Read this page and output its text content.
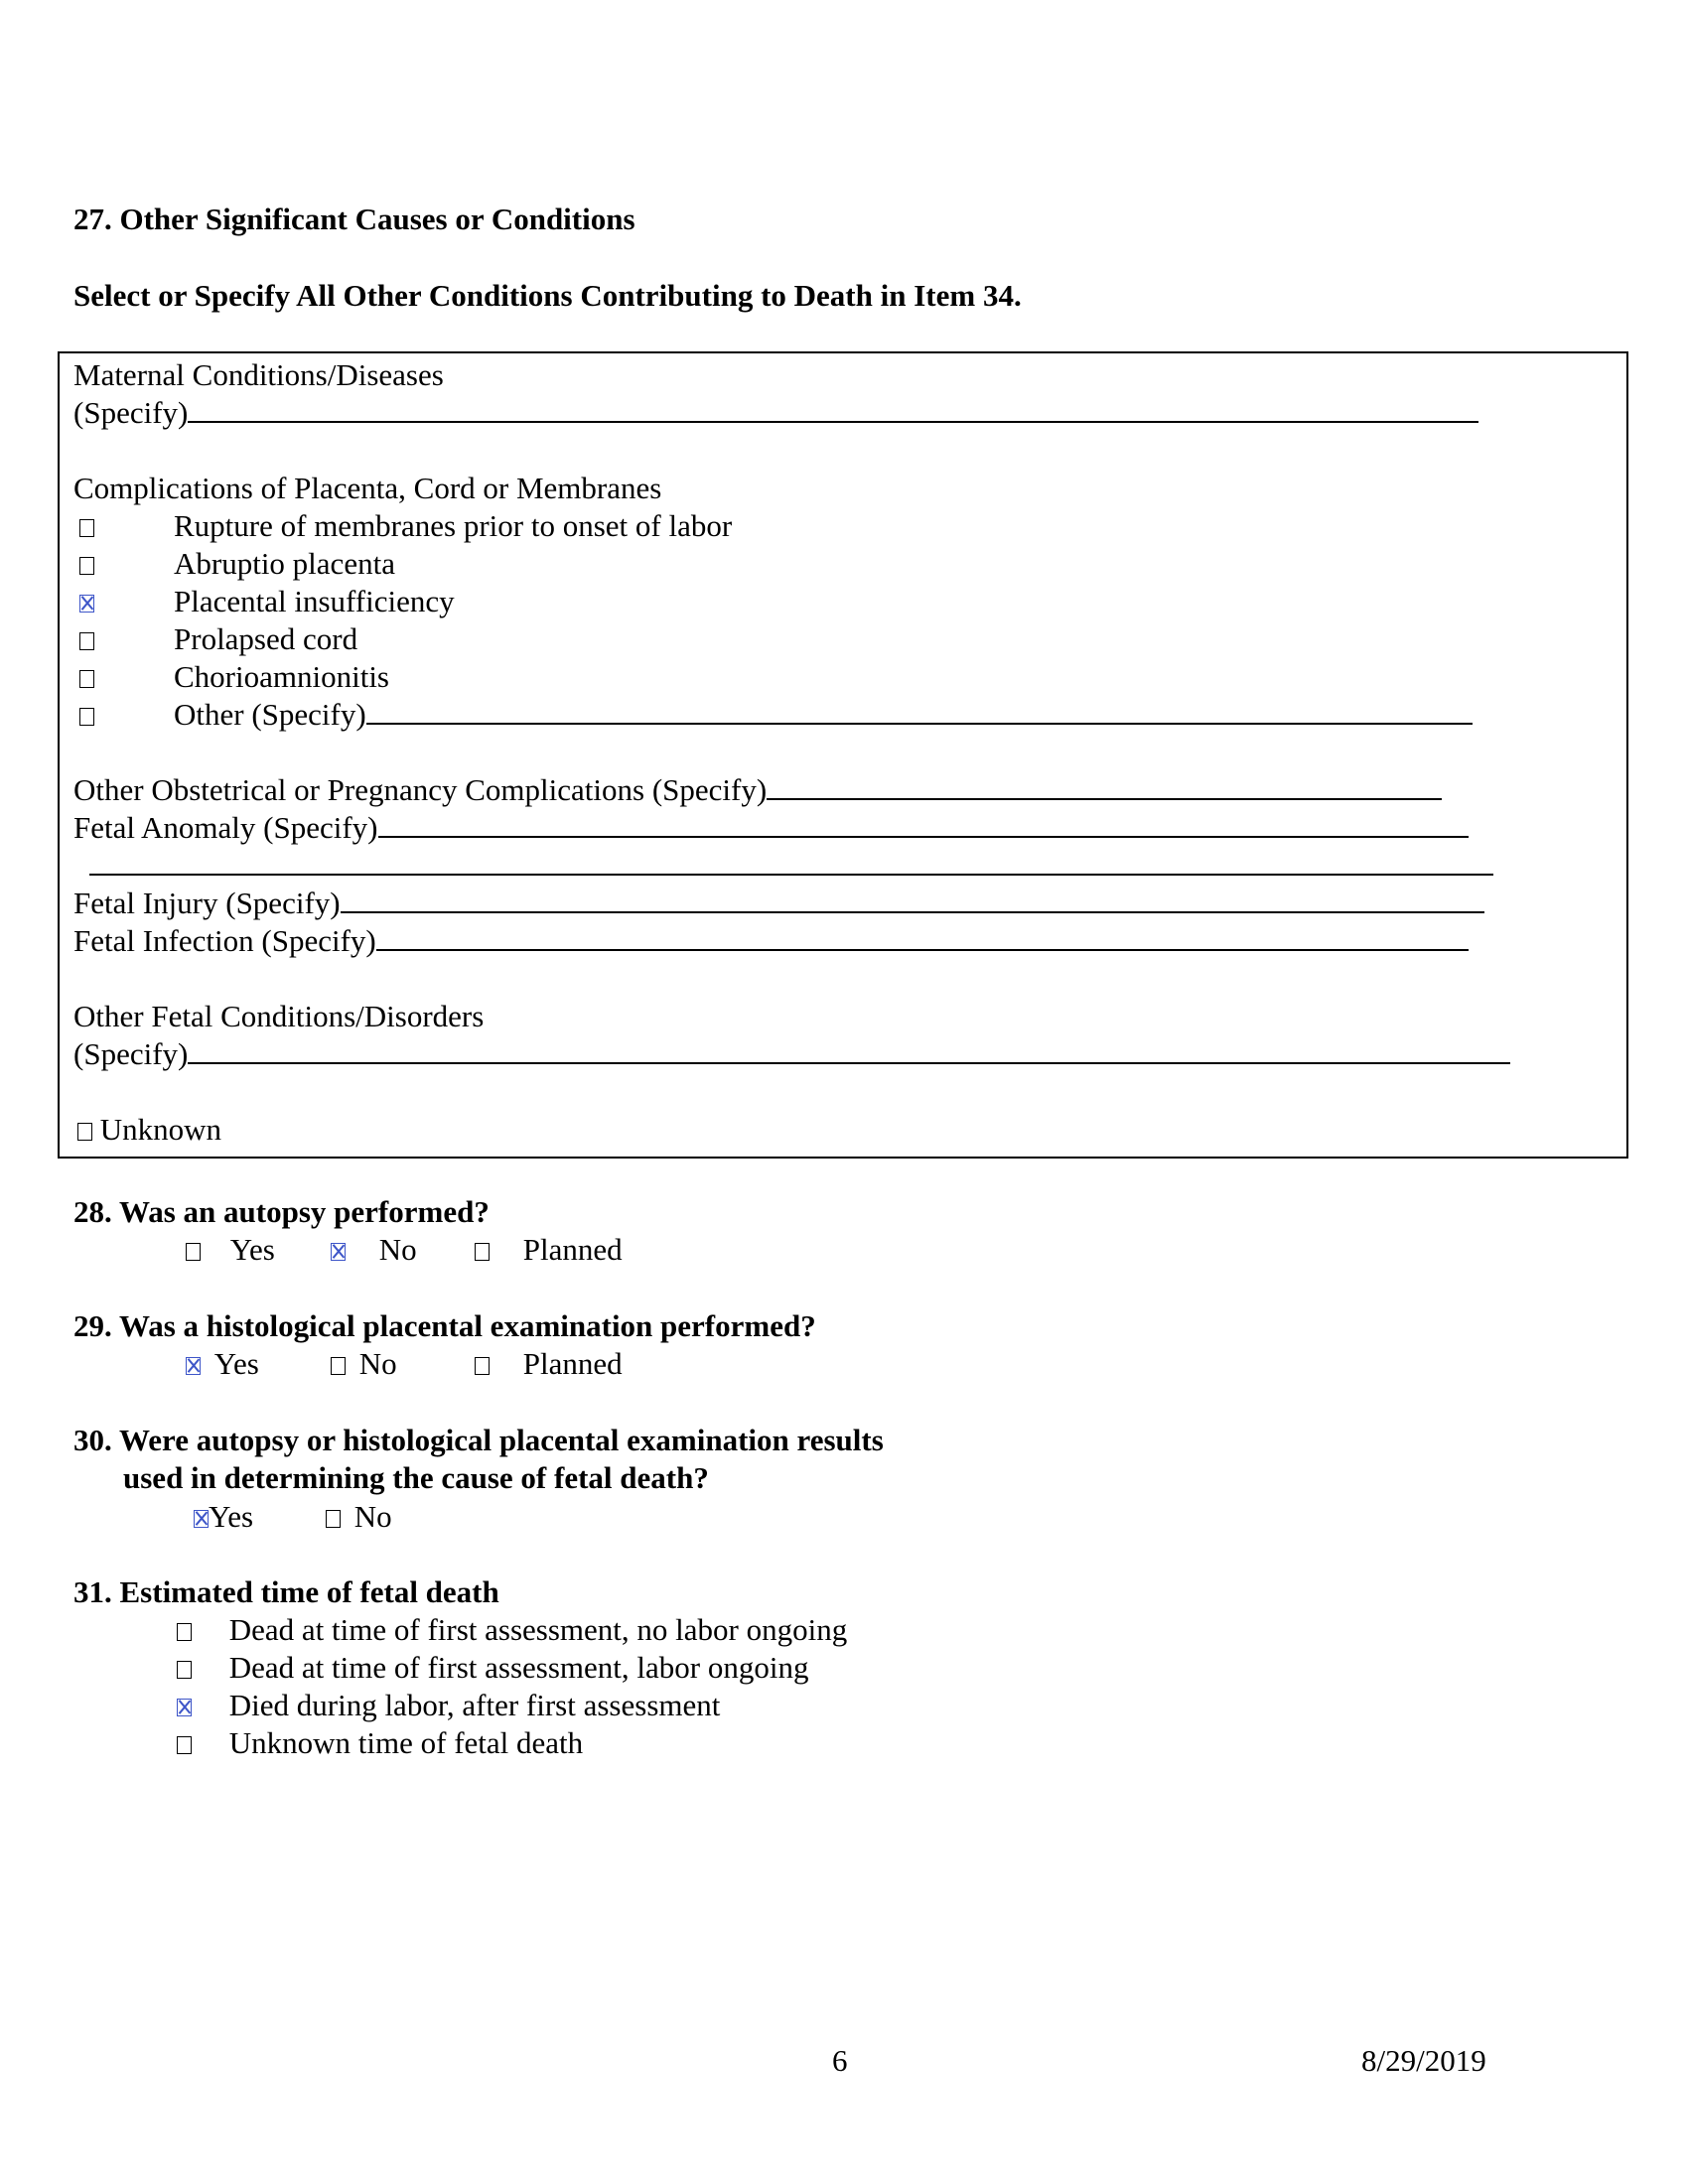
27. Other Significant Causes or Conditions
Select or Specify All Other Conditions Contributing to Death in Item 34.
Maternal Conditions/Diseases
(Specify)
Complications of Placenta, Cord or Membranes
Rupture of membranes prior to onset of labor
Abruptio placenta
Placental insufficiency
Prolapsed cord
Chorioamnionitis
Other (Specify)
Other Obstetrical or Pregnancy Complications (Specify)
Fetal Anomaly (Specify)
Fetal Injury (Specify)
Fetal Infection (Specify)
Other Fetal Conditions/Disorders
(Specify)
Unknown
28. Was an autopsy performed?
Yes	No	Planned
29. Was a histological placental examination performed?
Yes	No	Planned
30. Were autopsy or histological placental examination results
used in determining the cause of fetal death?
Yes	No
31. Estimated time of fetal death
Dead at time of first assessment, no labor ongoing
Dead at time of first assessment, labor ongoing
Died during labor, after first assessment
Unknown time of fetal death
6	8/29/2019
